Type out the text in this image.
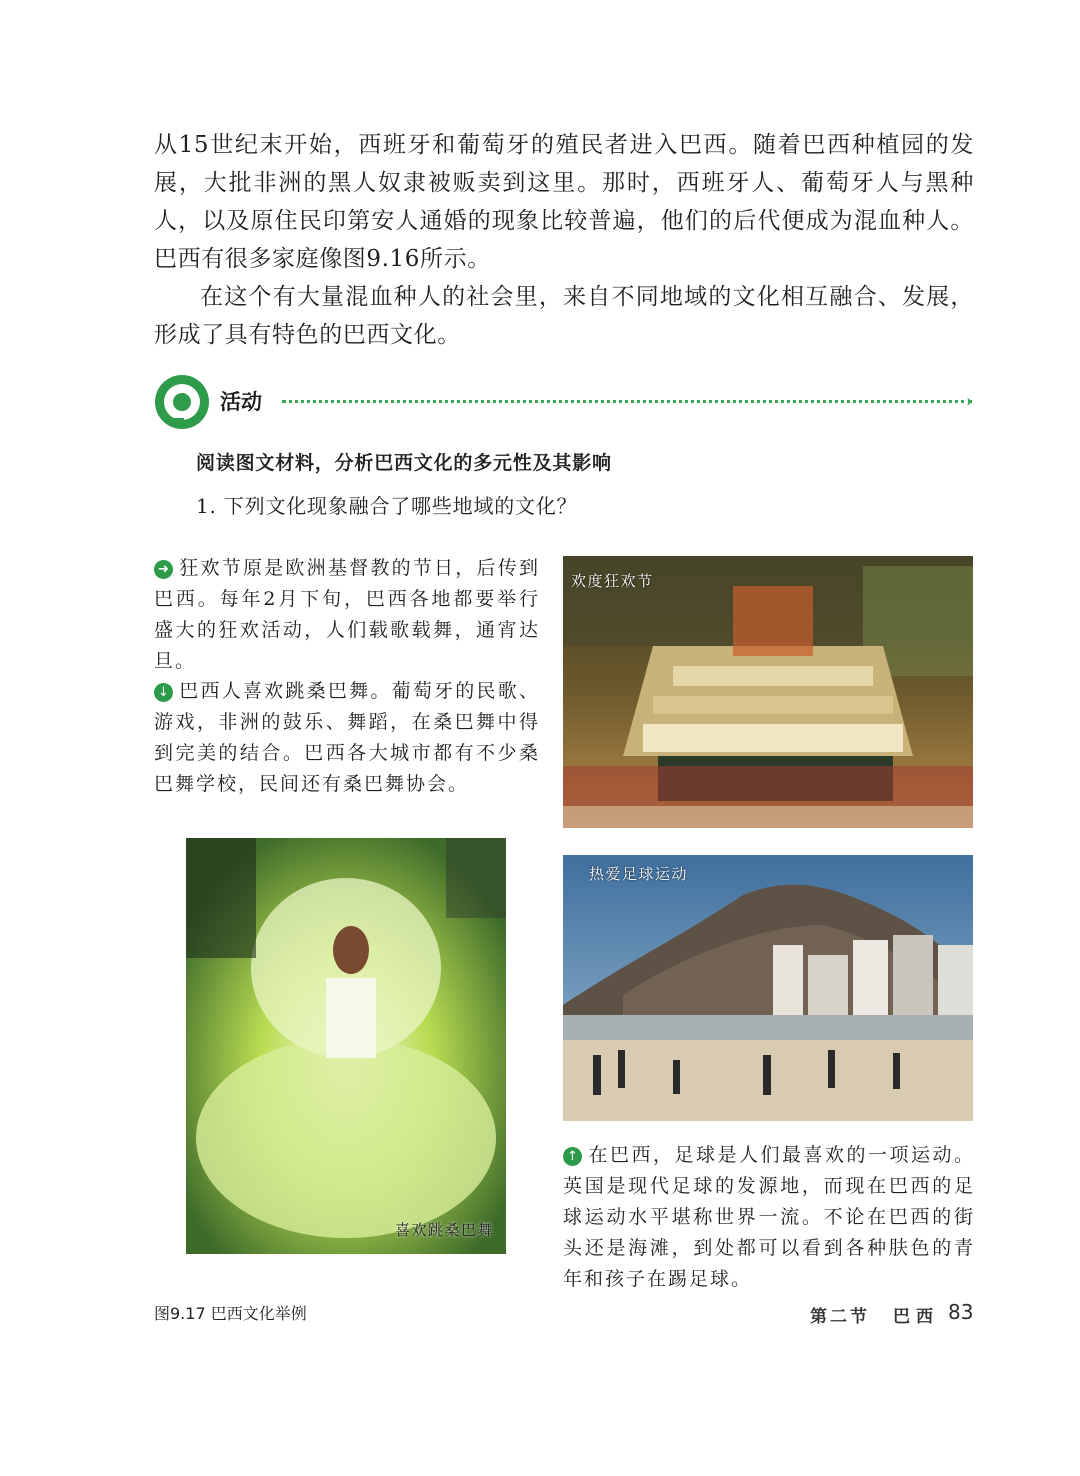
从15世纪末开始，西班牙和葡萄牙的殖民者进入巴西。随着巴西种植园的发展，大批非洲的黑人奴隶被贩卖到这里。那时，西班牙人、葡萄牙人与黑种人，以及原住民印第安人通婚的现象比较普遍，他们的后代便成为混血种人。巴西有很多家庭像图9.16所示。

在这个有大量混血种人的社会里，来自不同地域的文化相互融合、发展，形成了具有特色的巴西文化。

活动	›

阅读图文材料，分析巴西文化的多元性及其影响

1. 下列文化现象融合了哪些地域的文化？

➜ 狂欢节原是欧洲基督教的节日，后传到巴西。每年2月下旬，巴西各地都要举行盛大的狂欢活动，人们载歌载舞，通宵达旦。

↓ 巴西人喜欢跳桑巴舞。葡萄牙的民歌、游戏，非洲的鼓乐、舞蹈，在桑巴舞中得到完美的结合。巴西各大城市都有不少桑巴舞学校，民间还有桑巴舞协会。

欢度狂欢节
喜欢跳桑巴舞
热爱足球运动

↑ 在巴西，足球是人们最喜欢的一项运动。英国是现代足球的发源地，而现在巴西的足球运动水平堪称世界一流。不论在巴西的街头还是海滩，到处都可以看到各种肤色的青年和孩子在踢足球。

图9.17 巴西文化举例	第二节 巴西 83
